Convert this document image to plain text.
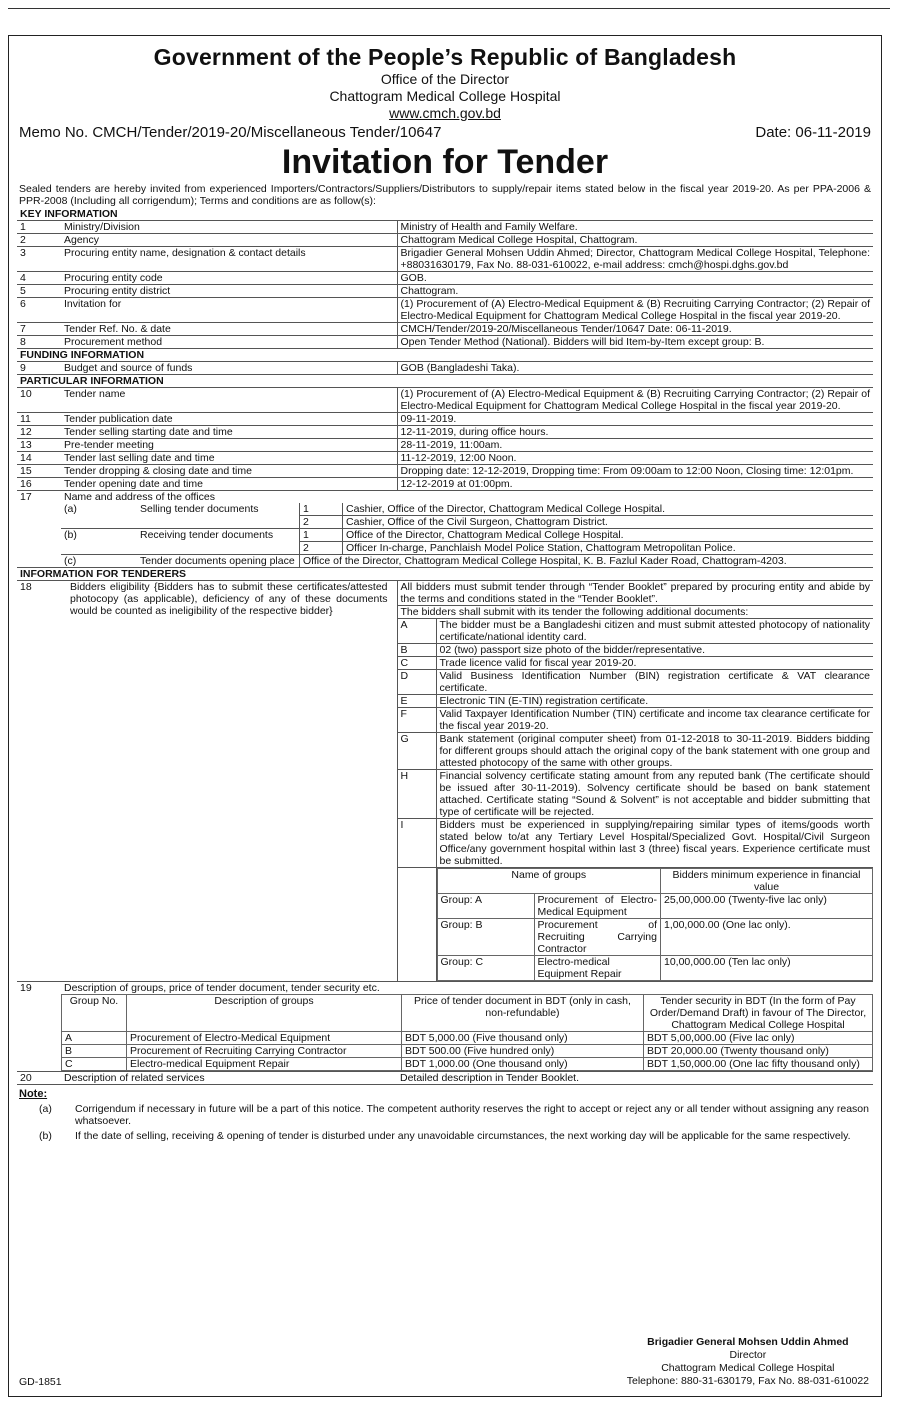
Government of the People’s Republic of Bangladesh
Office of the Director
Chattogram Medical College Hospital
www.cmch.gov.bd
Memo No. CMCH/Tender/2019-20/Miscellaneous Tender/10647	Date: 06-11-2019
Invitation for Tender
Sealed tenders are hereby invited from experienced Importers/Contractors/Suppliers/Distributors to supply/repair items stated below in the fiscal year 2019-20. As per PPA-2006 & PPR-2008 (Including all corrigendum); Terms and conditions are as follow(s):
KEY INFORMATION
1	Ministry/Division	Ministry of Health and Family Welfare.
2	Agency	Chattogram Medical College Hospital, Chattogram.
3	Procuring entity name, designation & contact details	Brigadier General Mohsen Uddin Ahmed; Director, Chattogram Medical College Hospital, Telephone: +88031630179, Fax No. 88-031-610022, e-mail address: cmch@hospi.dghs.gov.bd
4	Procuring entity code	GOB.
5	Procuring entity district	Chattogram.
6	Invitation for	(1) Procurement of (A) Electro-Medical Equipment & (B) Recruiting Carrying Contractor; (2) Repair of Electro-Medical Equipment for Chattogram Medical College Hospital in the fiscal year 2019-20.
7	Tender Ref. No. & date	CMCH/Tender/2019-20/Miscellaneous Tender/10647 Date: 06-11-2019.
8	Procurement method	Open Tender Method (National). Bidders will bid Item-by-Item except group: B.
FUNDING INFORMATION
9	Budget and source of funds	GOB (Bangladeshi Taka).
PARTICULAR INFORMATION
10	Tender name	(1) Procurement of (A) Electro-Medical Equipment & (B) Recruiting Carrying Contractor; (2) Repair of Electro-Medical Equipment for Chattogram Medical College Hospital in the fiscal year 2019-20.
11	Tender publication date	09-11-2019.
12	Tender selling starting date and time	12-11-2019, during office hours.
13	Pre-tender meeting	28-11-2019, 11:00am.
14	Tender last selling date and time	11-12-2019, 12:00 Noon.
15	Tender dropping & closing date and time	Dropping date: 12-12-2019, Dropping time: From 09:00am to 12:00 Noon, Closing time: 12:01pm.
16	Tender opening date and time	12-12-2019 at 01:00pm.
17	Name and address of the offices
(a)	Selling tender documents	1	Cashier, Office of the Director, Chattogram Medical College Hospital.
2	Cashier, Office of the Civil Surgeon, Chattogram District.
(b)	Receiving tender documents	1	Office of the Director, Chattogram Medical College Hospital.
2	Officer In-charge, Panchlaish Model Police Station, Chattogram Metropolitan Police.
(c)	Tender documents opening place	Office of the Director, Chattogram Medical College Hospital, K. B. Fazlul Kader Road, Chattogram-4203.

INFORMATION FOR TENDERERS
18	Bidders eligibility {Bidders has to submit these certificates/attested photocopy (as applicable), deficiency of any of these documents would be counted as ineligibility of the respective bidder}	
All bidders must submit tender through “Tender Booklet” prepared by procuring entity and abide by the terms and conditions stated in the “Tender Booklet”.
The bidders shall submit with its tender the following additional documents:
A	The bidder must be a Bangladeshi citizen and must submit attested photocopy of nationality certificate/national identity card.
B	02 (two) passport size photo of the bidder/representative.
C	Trade licence valid for fiscal year 2019-20.
D	Valid Business Identification Number (BIN) registration certificate & VAT clearance certificate.
E	Electronic TIN (E-TIN) registration certificate.
F	Valid Taxpayer Identification Number (TIN) certificate and income tax clearance certificate for the fiscal year 2019-20.
G	Bank statement (original computer sheet) from 01-12-2018 to 30-11-2019. Bidders bidding for different groups should attach the original copy of the bank statement with one group and attested photocopy of the same with other groups.
H	Financial solvency certificate stating amount from any reputed bank (The certificate should be issued after 30-11-2019). Solvency certificate should be based on bank statement attached. Certificate stating “Sound & Solvent” is not acceptable and bidder submitting that type of certificate will be rejected.
I	Bidders must be experienced in supplying/repairing similar types of items/goods worth stated below to/at any Tertiary Level Hospital/Specialized Govt. Hospital/Civil Surgeon Office/any government hospital within last 3 (three) fiscal years. Experience certificate must be submitted.

Name of groups	Bidders minimum experience in financial value
Group: A	Procurement of Electro-Medical Equipment	25,00,000.00 (Twenty-five lac only)
Group: B	Procurement of Recruiting Carrying Contractor	1,00,000.00 (One lac only).
Group: C	Electro-medical Equipment Repair	10,00,000.00 (Ten lac only)

19	Description of groups, price of tender document, tender security etc.
Group No.	Description of groups	Price of tender document in BDT (only in cash, non-refundable)	Tender security in BDT (In the form of Pay Order/Demand Draft) in favour of The Director, Chattogram Medical College Hospital
A	Procurement of Electro-Medical Equipment	BDT 5,000.00 (Five thousand only)	BDT 5,00,000.00 (Five lac only)
B	Procurement of Recruiting Carrying Contractor	BDT 500.00 (Five hundred only)	BDT 20,000.00 (Twenty thousand only)
C	Electro-medical Equipment Repair	BDT 1,000.00 (One thousand only)	BDT 1,50,000.00 (One lac fifty thousand only)

20	Description of related services	Detailed description in Tender Booklet.
Note:
(a)	Corrigendum if necessary in future will be a part of this notice. The competent authority reserves the right to accept or reject any or all tender without assigning any reason whatsoever.
(b)	If the date of selling, receiving & opening of tender is disturbed under any unavoidable circumstances, the next working day will be applicable for the same respectively.
Brigadier General Mohsen Uddin Ahmed
Director
Chattogram Medical College Hospital
Telephone: 880-31-630179, Fax No. 88-031-610022
GD-1851
